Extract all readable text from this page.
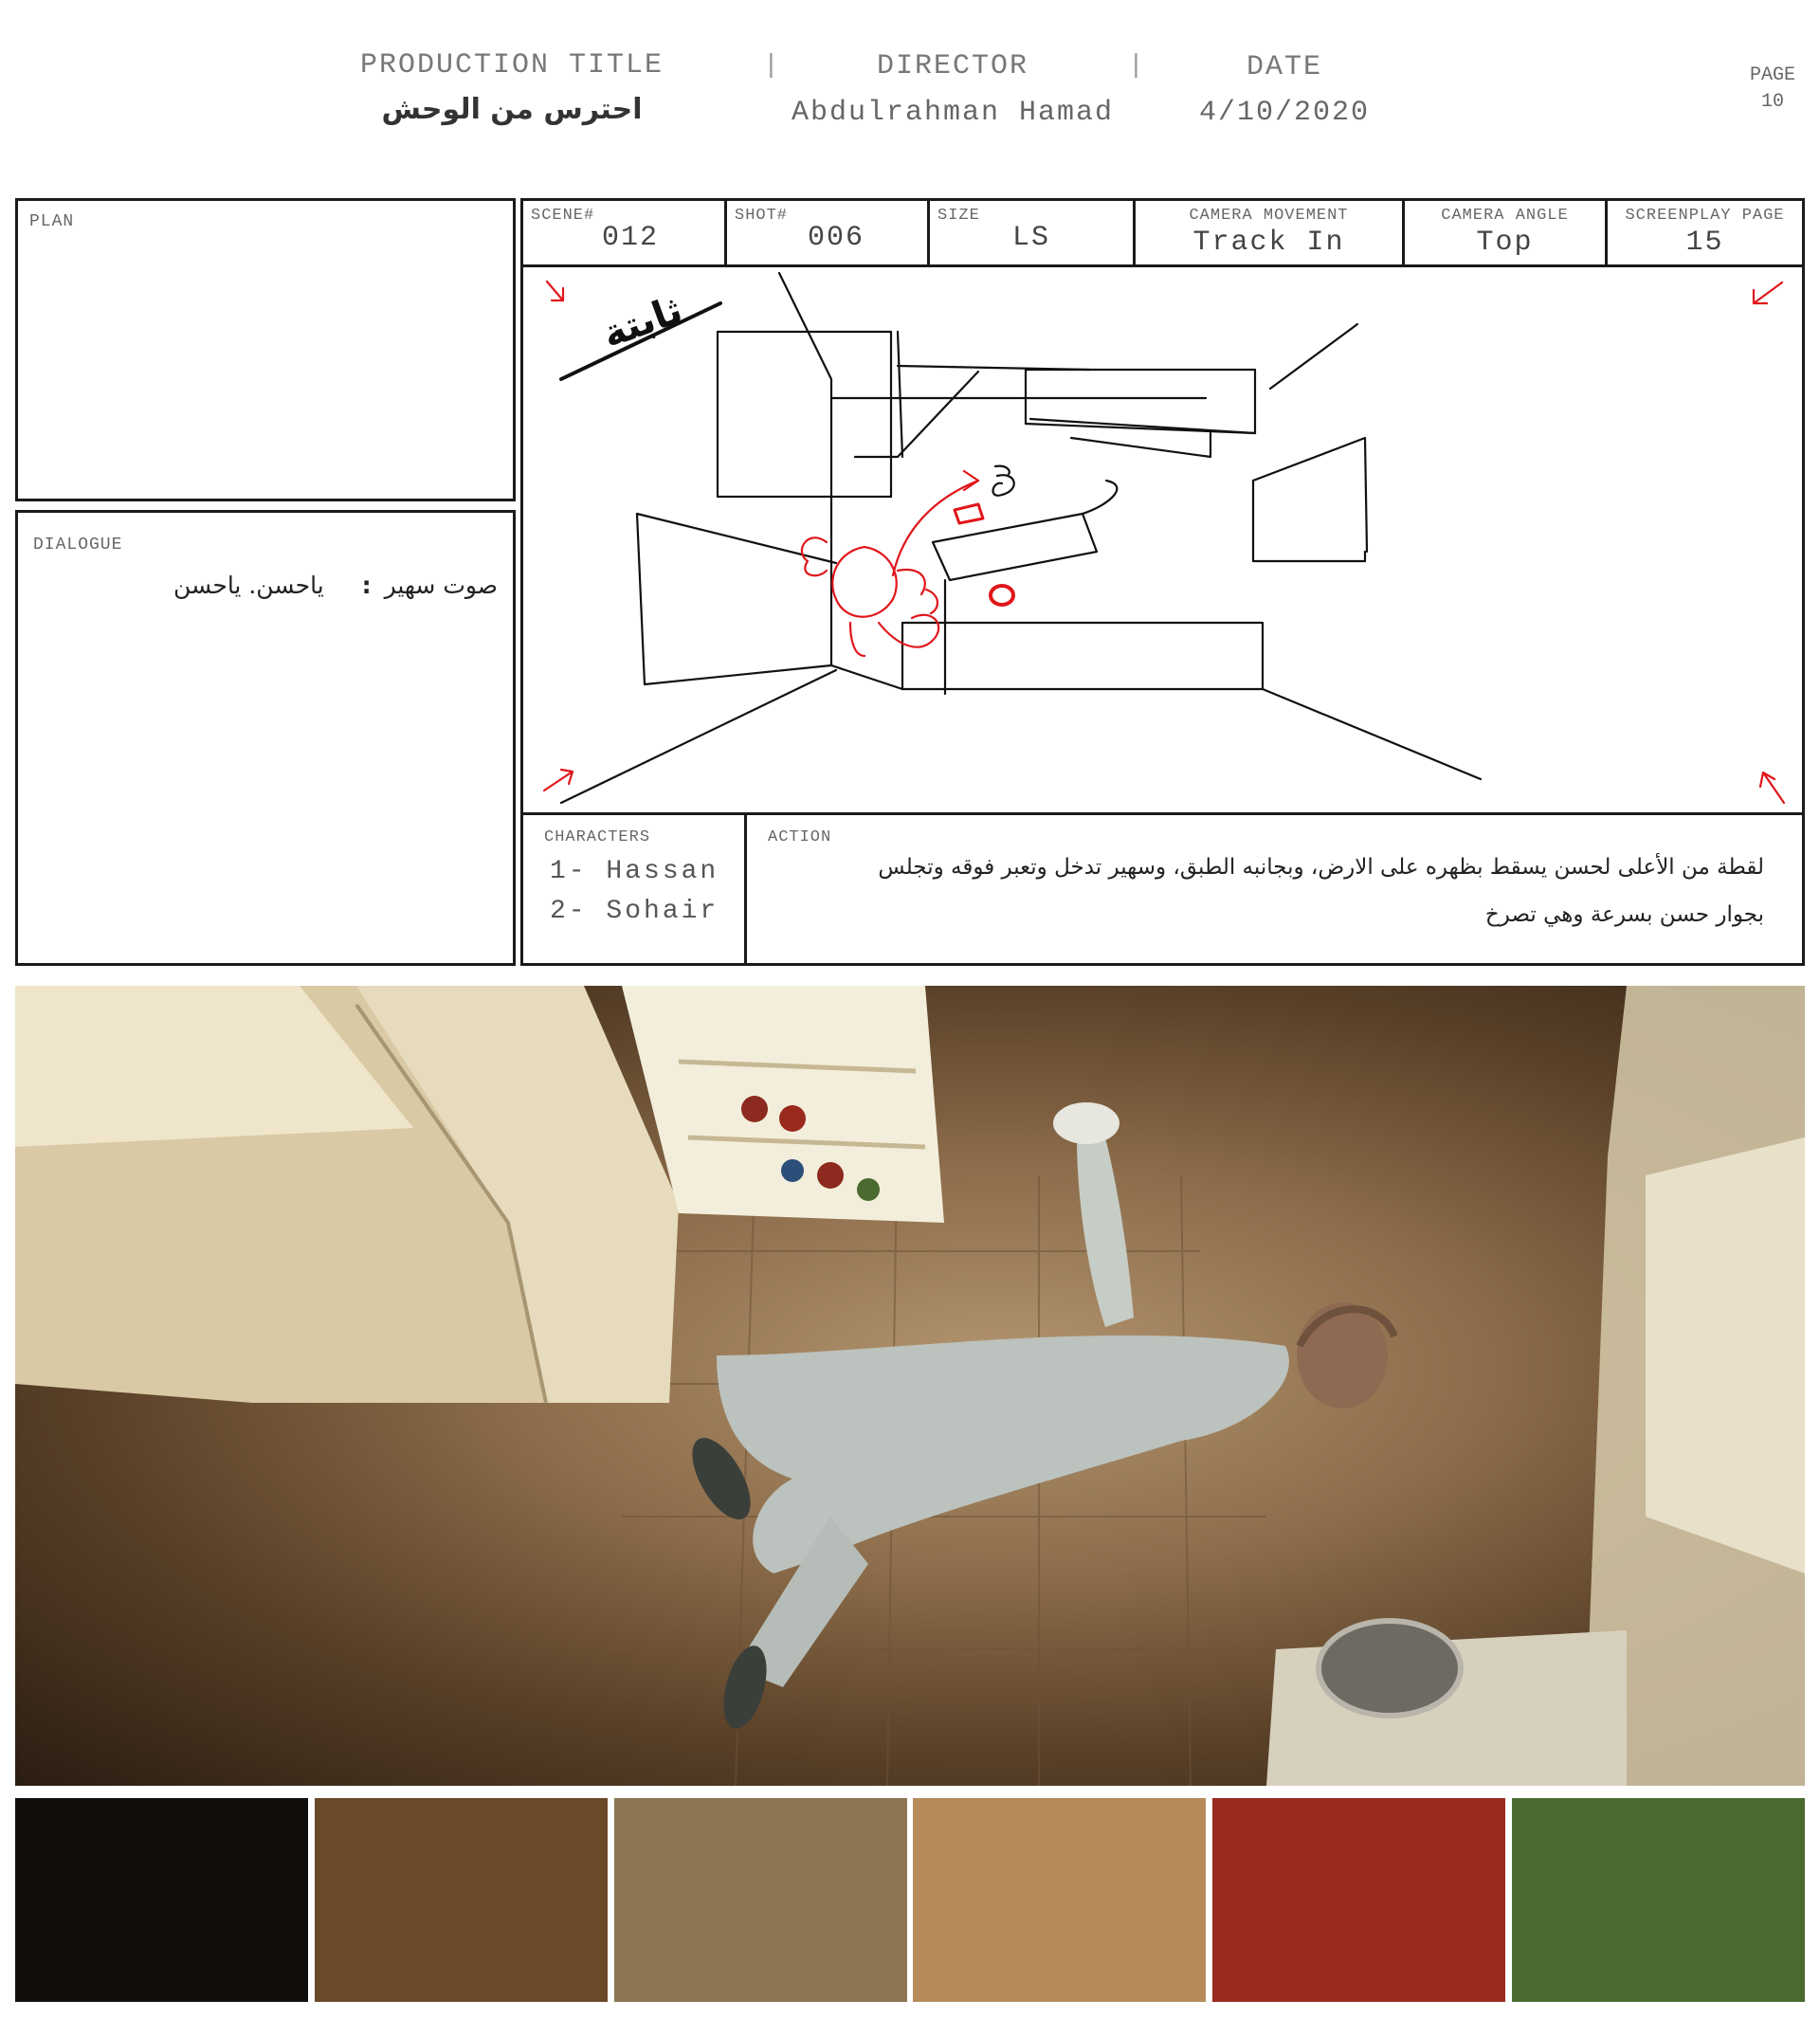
PRODUCTION TITLE
احترس من الوحش
|	DIRECTOR
Abdulrahman Hamad
|	DATE
4/10/2020
PAGE
10
PLAN
DIALOGUE
صوت سهير : ياحسن. ياحسن
SCENE#
012
SHOT#
006
SIZE
LS
CAMERA MOVEMENT
Track In
CAMERA ANGLE
Top
SCREENPLAY PAGE
15
ثابتة
CHARACTERS
1- Hassan
2- Sohair
ACTION
لقطة من الأعلى لحسن يسقط بظهره على الارض، وبجانبه الطبق، وسهير تدخل وتعبر فوقه وتجلس
بجوار حسن بسرعة وهي تصرخ
